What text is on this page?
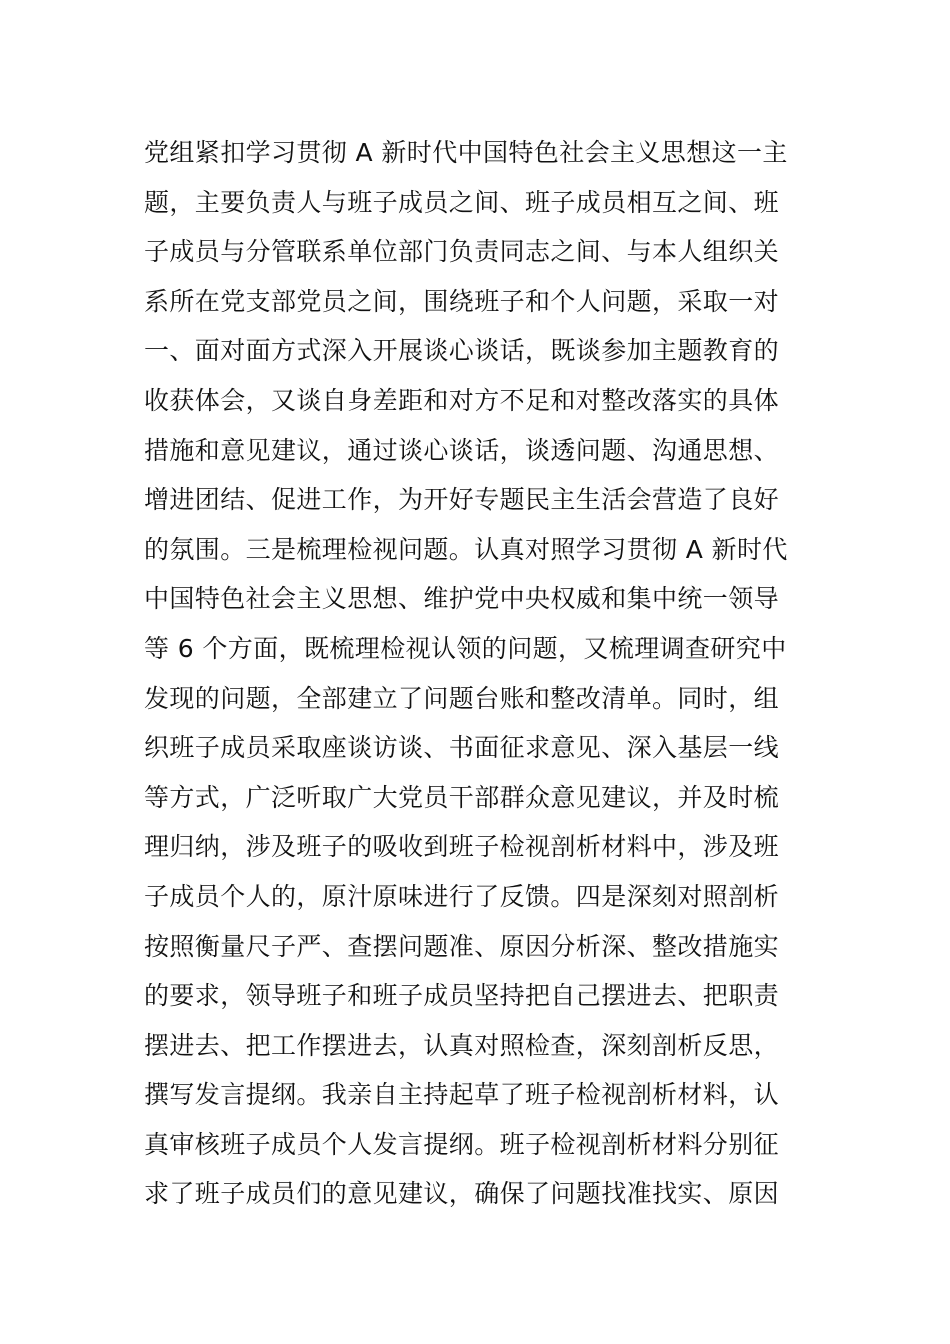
党组紧扣学习贯彻 A 新时代中国特色社会主义思想这一主
题，主要负责人与班子成员之间、班子成员相互之间、班
子成员与分管联系单位部门负责同志之间、与本人组织关
系所在党支部党员之间，围绕班子和个人问题，采取一对
一、面对面方式深入开展谈心谈话，既谈参加主题教育的
收获体会，又谈自身差距和对方不足和对整改落实的具体
措施和意见建议，通过谈心谈话，谈透问题、沟通思想、
增进团结、促进工作，为开好专题民主生活会营造了良好
的氛围。三是梳理检视问题。认真对照学习贯彻 A 新时代
中国特色社会主义思想、维护党中央权威和集中统一领导
等 6 个方面，既梳理检视认领的问题，又梳理调查研究中
发现的问题，全部建立了问题台账和整改清单。同时，组
织班子成员采取座谈访谈、书面征求意见、深入基层一线
等方式，广泛听取广大党员干部群众意见建议，并及时梳
理归纳，涉及班子的吸收到班子检视剖析材料中，涉及班
子成员个人的，原汁原味进行了反馈。四是深刻对照剖析
按照衡量尺子严、查摆问题准、原因分析深、整改措施实
的要求，领导班子和班子成员坚持把自己摆进去、把职责
摆进去、把工作摆进去，认真对照检查，深刻剖析反思，
撰写发言提纲。我亲自主持起草了班子检视剖析材料，认
真审核班子成员个人发言提纲。班子检视剖析材料分别征
求了班子成员们的意见建议，确保了问题找准找实、原因
